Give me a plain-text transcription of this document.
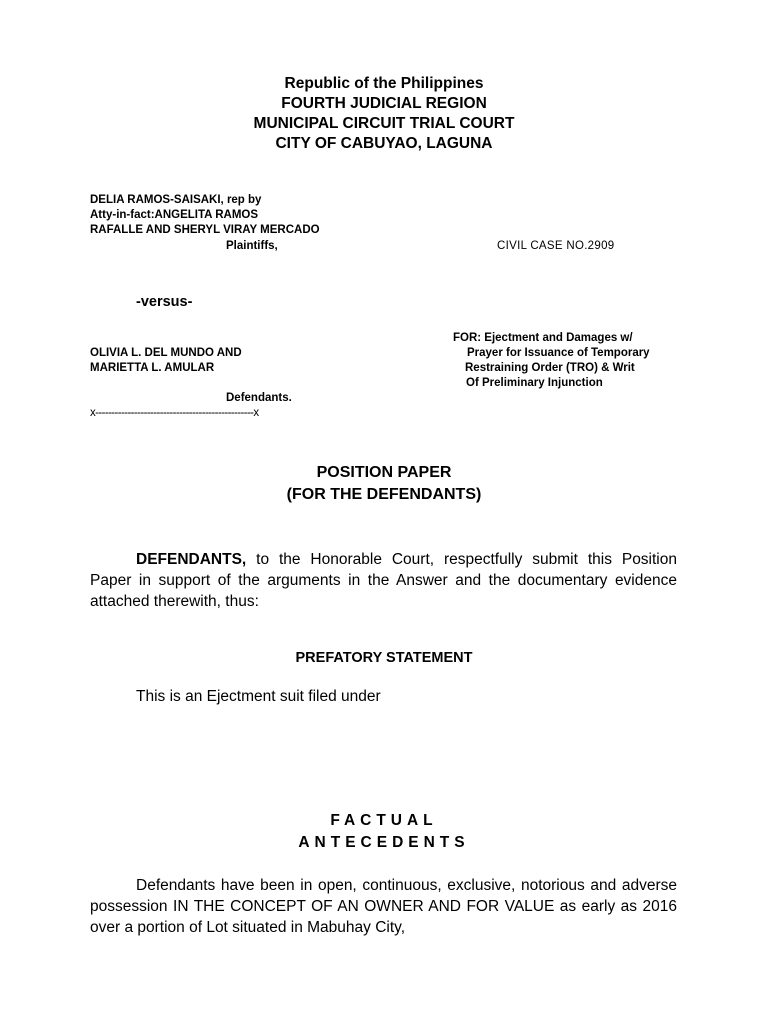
Republic of the Philippines
FOURTH JUDICIAL REGION
MUNICIPAL CIRCUIT TRIAL COURT
CITY OF CABUYAO, LAGUNA
DELIA RAMOS-SAISAKI, rep by
Atty-in-fact:ANGELITA RAMOS
RAFALLE AND SHERYL VIRAY MERCADO
Plaintiffs,	CIVIL CASE NO.2909
-versus-
FOR: Ejectment and Damages w/
Prayer for Issuance of Temporary
Restraining Order (TRO) & Writ
Of Preliminary Injunction
OLIVIA L. DEL MUNDO AND
MARIETTA L. AMULAR
Defendants.
x-------------------------------------------------x
POSITION PAPER
(FOR THE DEFENDANTS)
DEFENDANTS, to the Honorable Court, respectfully submit this Position Paper in support of the arguments in the Answer and the documentary evidence attached therewith, thus:
PREFATORY STATEMENT
This is an Ejectment suit filed under
FACTUAL
ANTECEDENTS
Defendants have been in open, continuous, exclusive, notorious and adverse possession IN THE CONCEPT OF AN OWNER AND FOR VALUE as early as 2016 over a portion of Lot situated in Mabuhay City,
